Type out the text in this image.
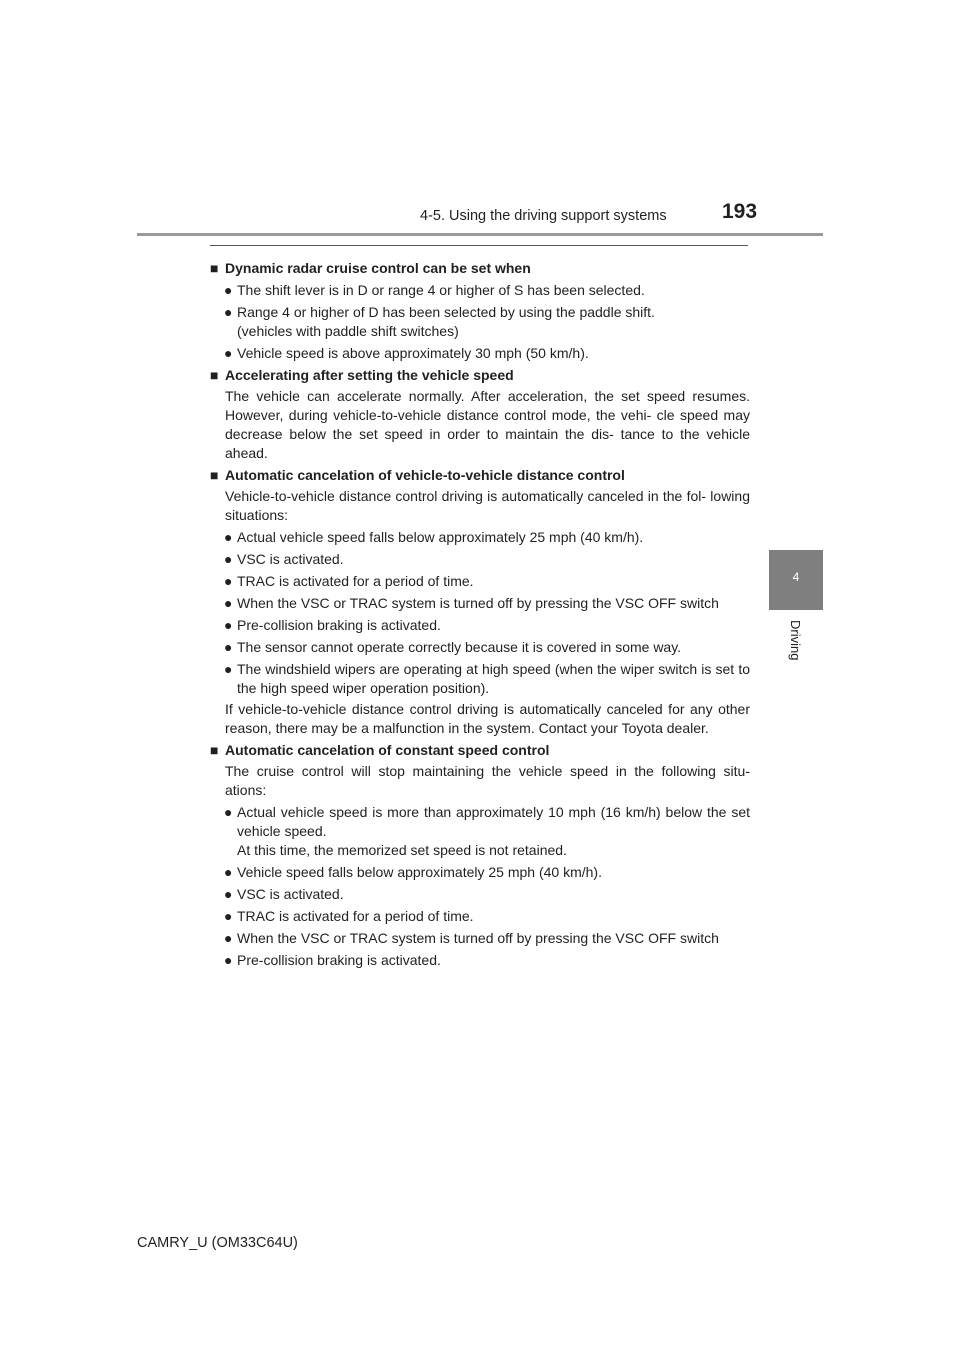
4-5. Using the driving support systems	193
4
Driving
■ Dynamic radar cruise control can be set when
● The shift lever is in D or range 4 or higher of S has been selected.
● Range 4 or higher of D has been selected by using the paddle shift.
(vehicles with paddle shift switches)
● Vehicle speed is above approximately 30 mph (50 km/h).
■ Accelerating after setting the vehicle speed
The vehicle can accelerate normally. After acceleration, the set speed resumes. However, during vehicle-to-vehicle distance control mode, the vehi- cle speed may decrease below the set speed in order to maintain the dis- tance to the vehicle ahead.
■ Automatic cancelation of vehicle-to-vehicle distance control
Vehicle-to-vehicle distance control driving is automatically canceled in the fol- lowing situations:
● Actual vehicle speed falls below approximately 25 mph (40 km/h).
● VSC is activated.
● TRAC is activated for a period of time.
● When the VSC or TRAC system is turned off by pressing the VSC OFF switch
● Pre-collision braking is activated.
● The sensor cannot operate correctly because it is covered in some way.
● The windshield wipers are operating at high speed (when the wiper switch is set to the high speed wiper operation position).
If vehicle-to-vehicle distance control driving is automatically canceled for any other reason, there may be a malfunction in the system. Contact your Toyota dealer.
■ Automatic cancelation of constant speed control
The cruise control will stop maintaining the vehicle speed in the following situ- ations:
● Actual vehicle speed is more than approximately 10 mph (16 km/h) below the set vehicle speed.
At this time, the memorized set speed is not retained.
● Vehicle speed falls below approximately 25 mph (40 km/h).
● VSC is activated.
● TRAC is activated for a period of time.
● When the VSC or TRAC system is turned off by pressing the VSC OFF switch
● Pre-collision braking is activated.
CAMRY_U (OM33C64U)
